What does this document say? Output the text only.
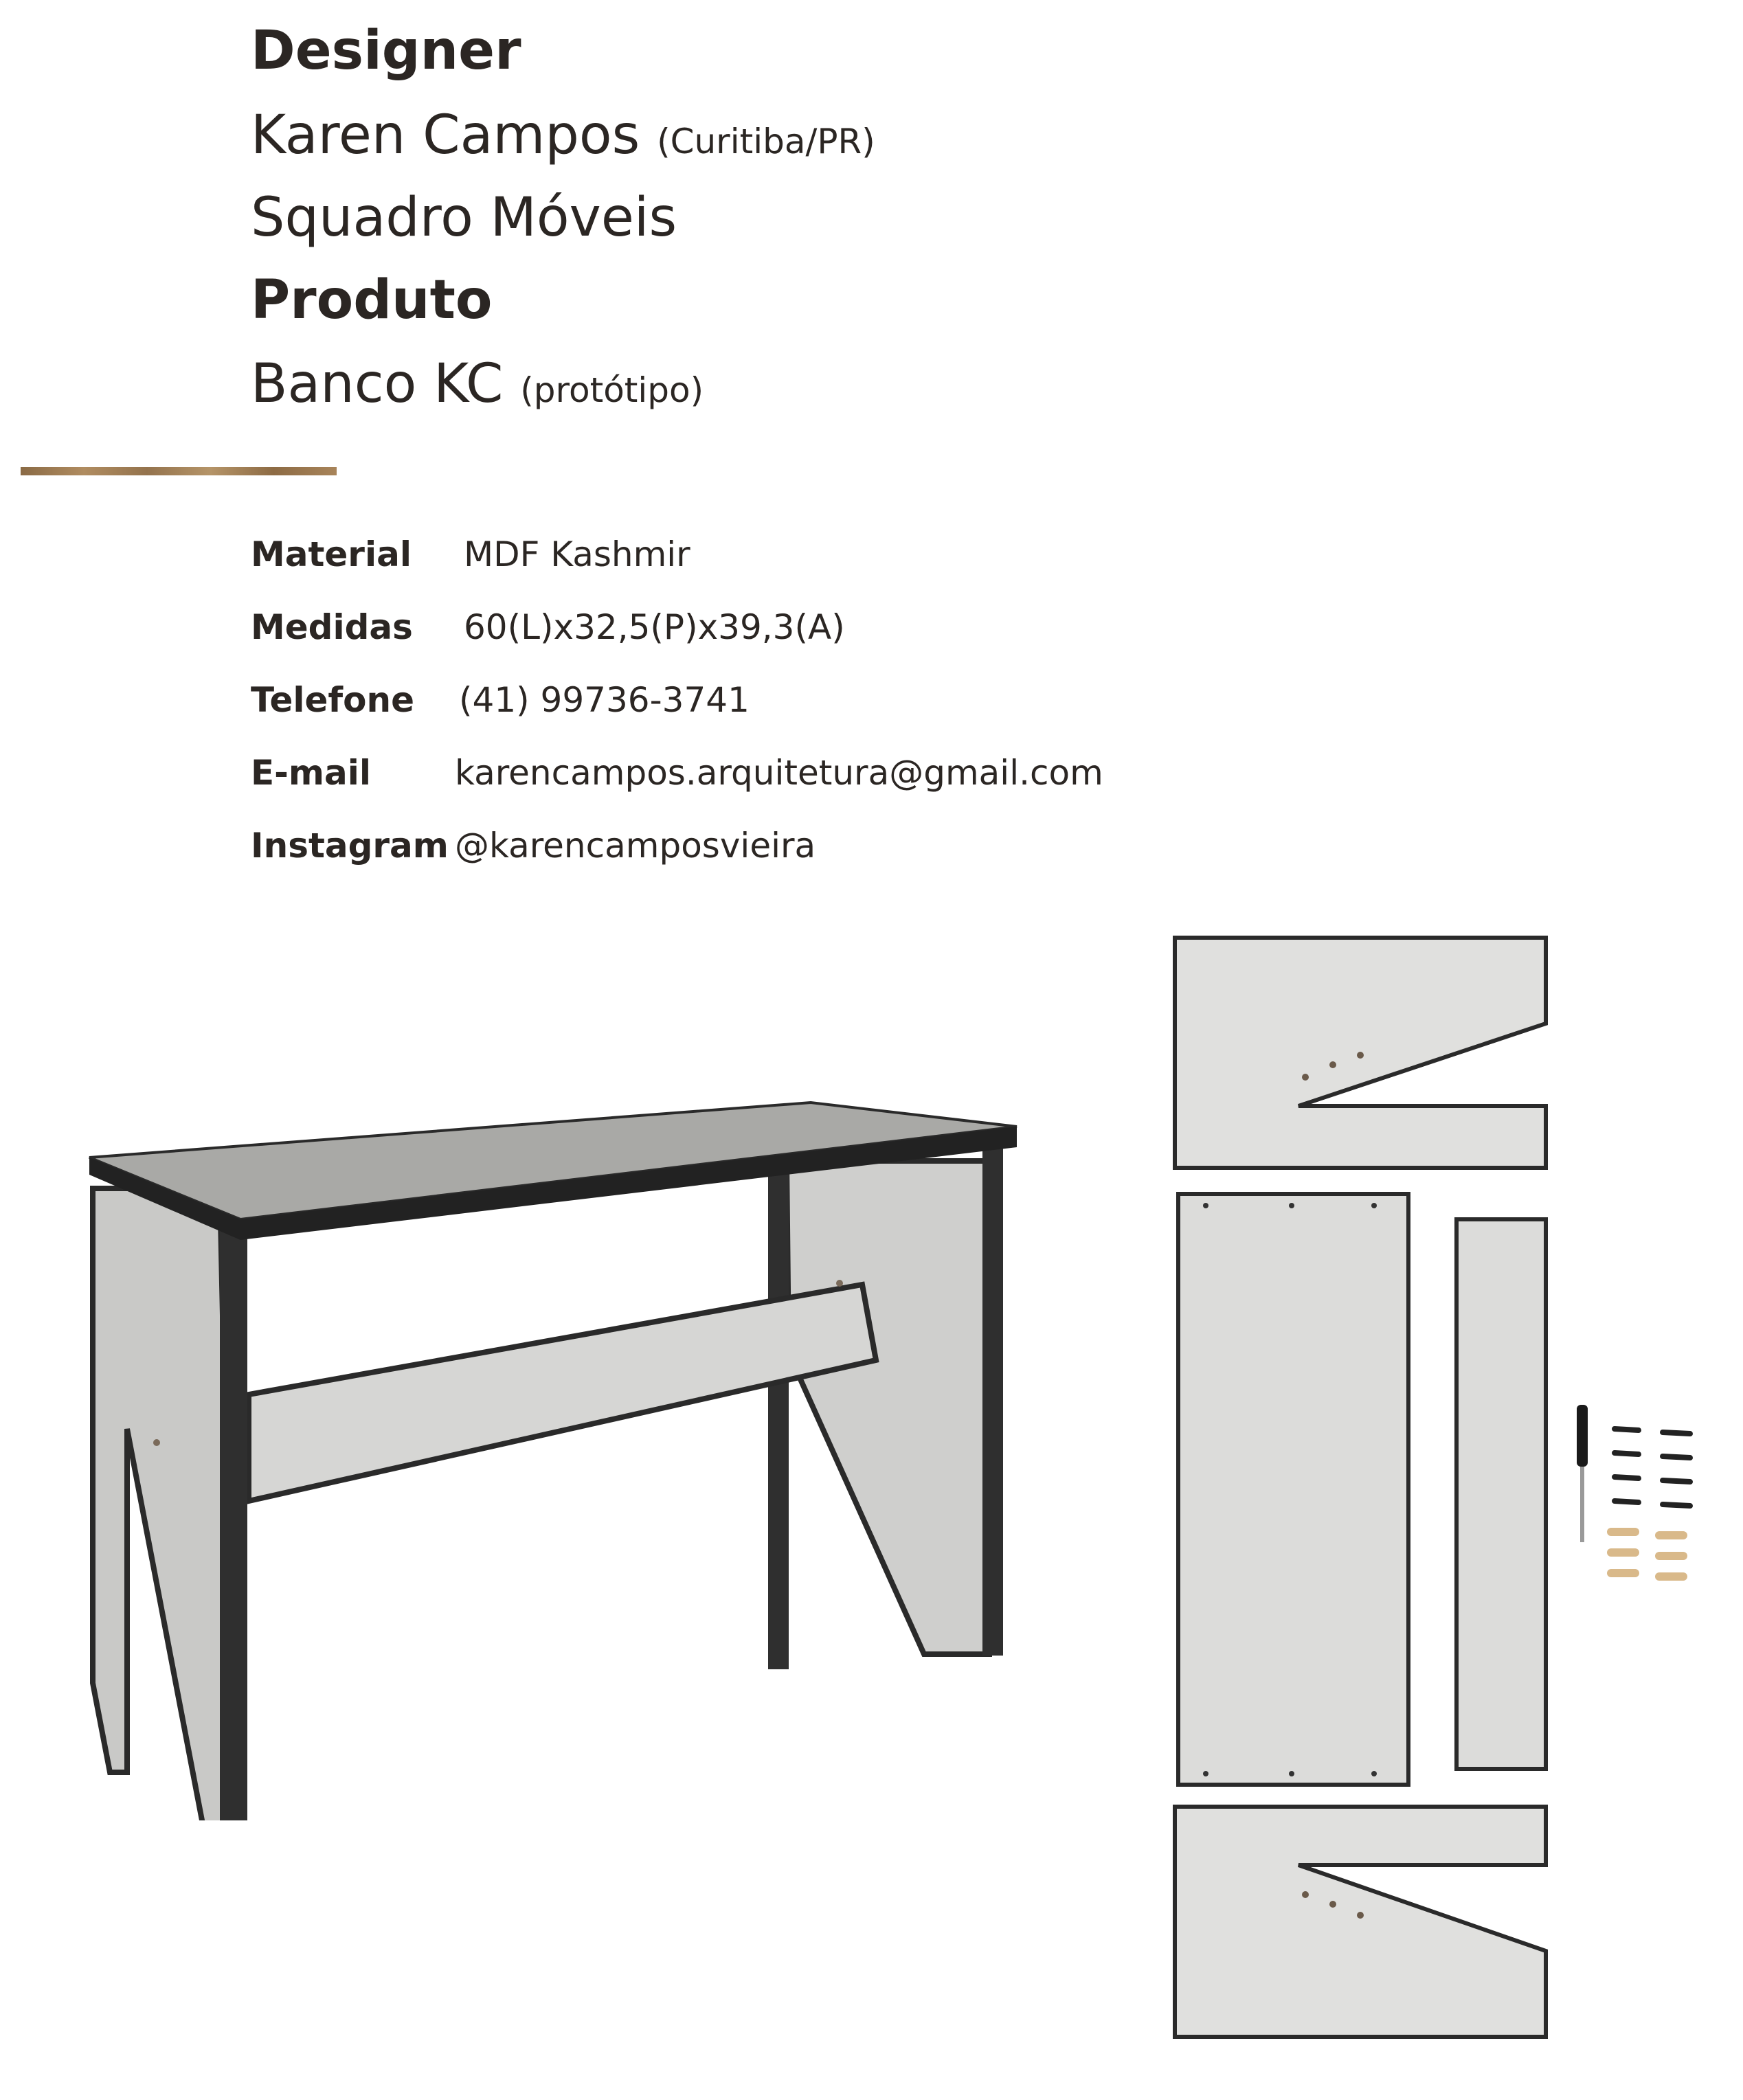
Designer
Karen Campos (Curitiba/PR)
Squadro Móveis
Produto
Banco KC (protótipo)
Material MDF Kashmir
Medidas 60(L)x32,5(P)x39,3(A)
Telefone (41) 99736-3741
E-mail karencampos.arquitetura@gmail.com
Instagram @karencamposvieira
